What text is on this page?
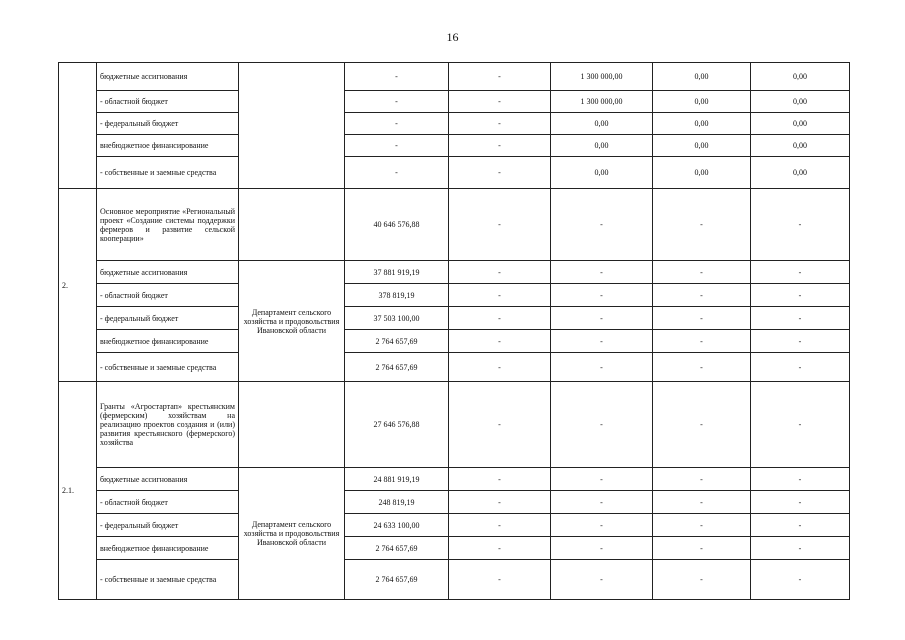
16
	бюджетные ассигнования		-	-	1 300 000,00	0,00	0,00
	- областной бюджет		-	-	1 300 000,00	0,00	0,00
	- федеральный бюджет		-	-	0,00	0,00	0,00
	внебюджетное финансирование		-	-	0,00	0,00	0,00
	- собственные и заемные средства		-	-	0,00	0,00	0,00
2.	Основное мероприятие «Региональный проект «Создание системы поддержки фермеров и развитие сельской кооперации»		40 646 576,88	-	-	-	-
	бюджетные ассигнования	Департамент сельского хозяйства и продовольствия Ивановской области	37 881 919,19	-	-	-	-
	- областной бюджет		378 819,19	-	-	-	-
	- федеральный бюджет		37 503 100,00	-	-	-	-
	внебюджетное финансирование		2 764 657,69	-	-	-	-
	- собственные и заемные средства		2 764 657,69	-	-	-	-
2.1.	Гранты «Агростартап» крестьянским (фермерским) хозяйствам на реализацию проектов создания и (или) развития крестьянского (фермерского) хозяйства		27 646 576,88	-	-	-	-
	бюджетные ассигнования	Департамент сельского хозяйства и продовольствия Ивановской области	24 881 919,19	-	-	-	-
	- областной бюджет		248 819,19	-	-	-	-
	- федеральный бюджет		24 633 100,00	-	-	-	-
	внебюджетное финансирование		2 764 657,69	-	-	-	-
	- собственные и заемные средства		2 764 657,69	-	-	-	-
